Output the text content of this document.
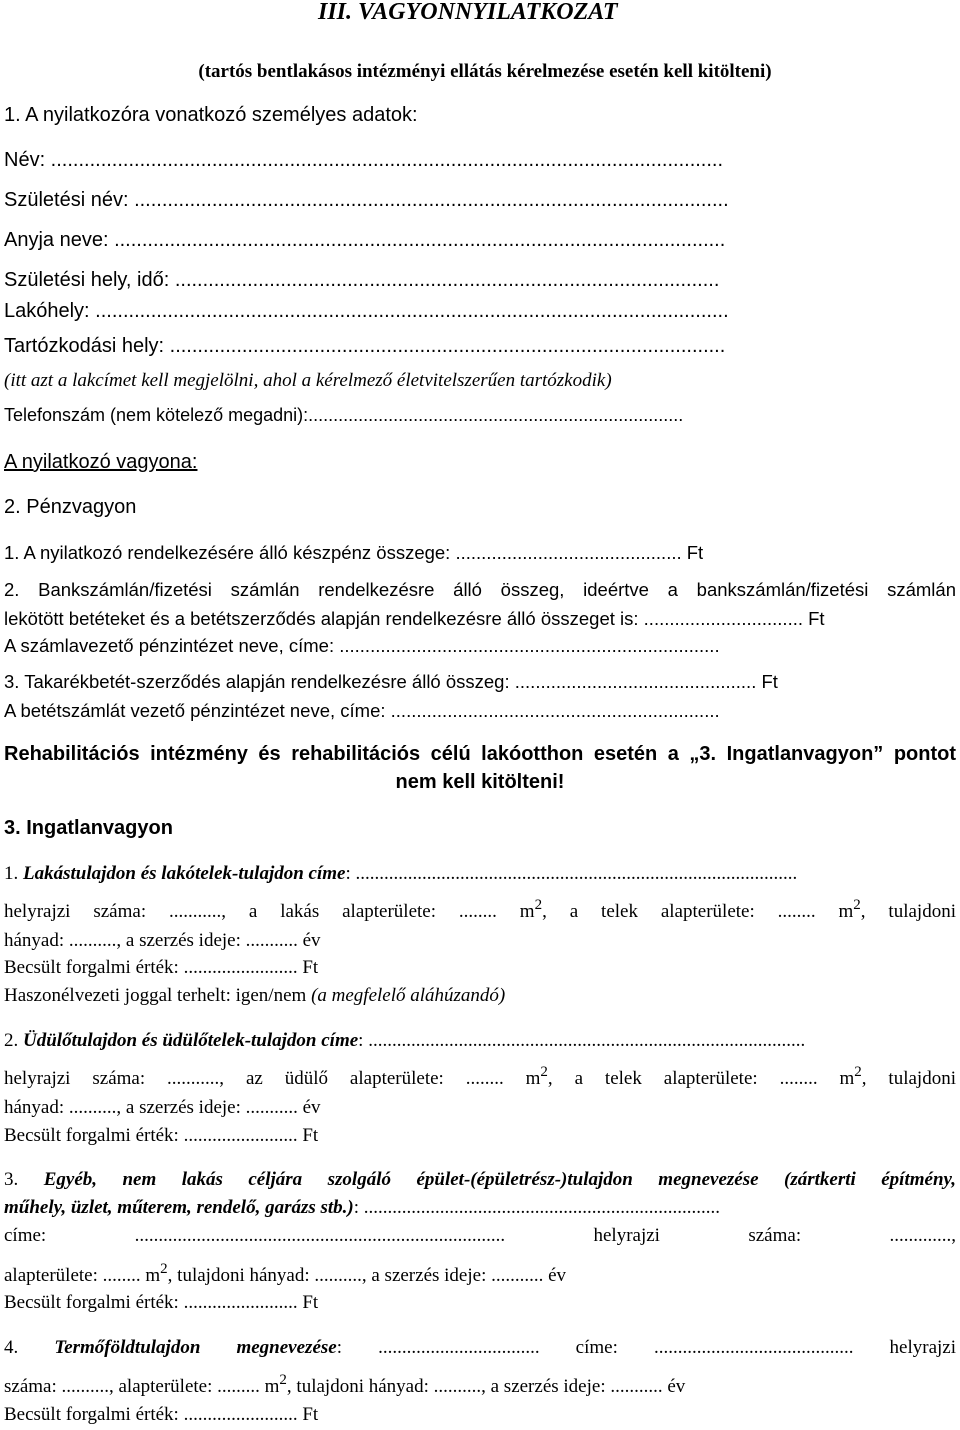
III. VAGYONNYILATKOZAT
(tartós bentlakásos intézményi ellátás kérelmezése esetén kell kitölteni)
1. A nyilatkozóra vonatkozó személyes adatok:
Név: .........................................................................................................................
Születési név: ...........................................................................................................
Anyja neve: ..............................................................................................................
Születési hely, idő: ..................................................................................................
Lakóhely: ..................................................................................................................
Tartózkodási hely: ....................................................................................................
(itt azt a lakcímet kell megjelölni, ahol a kérelmező életvitelszerűen tartózkodik)
Telefonszám (nem kötelező megadni):...........................................................................
A nyilatkozó vagyona:
2. Pénzvagyon
1. A nyilatkozó rendelkezésére álló készpénz összege: ............................................ Ft
2. Bankszámlán/fizetési számlán rendelkezésre álló összeg, ideértve a bankszámlán/fizetési számlán
lekötött betéteket és a betétszerződés alapján rendelkezésre álló összeget is: ............................... Ft
A számlavezető pénzintézet neve, címe: ..........................................................................
3. Takarékbetét-szerződés alapján rendelkezésre álló összeg: ............................................... Ft
A betétszámlát vezető pénzintézet neve, címe: ................................................................
Rehabilitációs intézmény és rehabilitációs célú lakóotthon esetén a „3. Ingatlanvagyon” pontot
nem kell kitölteni!
3. Ingatlanvagyon
1. Lakástulajdon és lakótelek-tulajdon címe: .............................................................................................
helyrajzi száma: ..........., a lakás alapterülete: ........ $m^2$, a telek alapterülete: ........ $m^2$, tulajdoni
hányad: .........., a szerzés ideje: ........... év
Becsült forgalmi érték: ........................ Ft
Haszonélvezeti joggal terhelt: igen/nem (a megfelelő aláhúzandó)
2. Üdülőtulajdon és üdülőtelek-tulajdon címe: ............................................................................................
helyrajzi száma: ..........., az üdülő alapterülete: ........ $m^2$, a telek alapterülete: ........ $m^2$, tulajdoni
hányad: .........., a szerzés ideje: ........... év
Becsült forgalmi érték: ........................ Ft
3. Egyéb, nem lakás céljára szolgáló épület-(épületrész-)tulajdon megnevezése (zártkerti építmény,
műhely, üzlet, műterem, rendelő, garázs stb.): ...........................................................................
címe: .............................................................................. helyrajzi száma: .............,
alapterülete: ........ $m^2$, tulajdoni hányad: .........., a szerzés ideje: ........... év
Becsült forgalmi érték: ........................ Ft
4. Termőföldtulajdon megnevezése: .................................. címe: .......................................... helyrajzi
száma: .........., alapterülete: ......... $m^2$, tulajdoni hányad: .........., a szerzés ideje: ........... év
Becsült forgalmi érték: ........................ Ft
